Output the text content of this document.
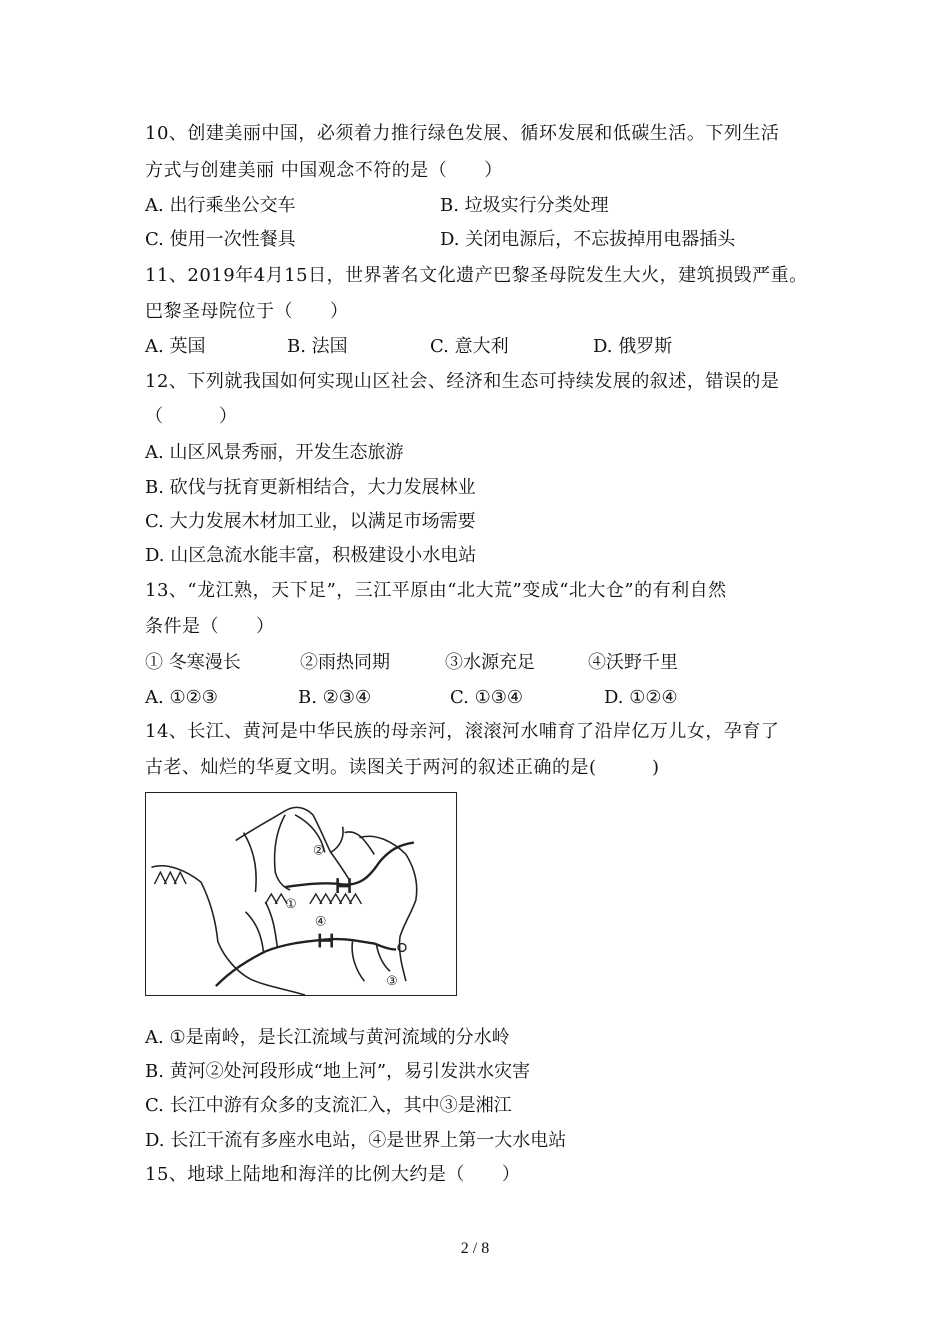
10、创建美丽中国，必须着力推行绿色发展、循环发展和低碳生活。下列生活
方式与创建美丽 中国观念不符的是（　　）
A. 出行乘坐公交车	B. 垃圾实行分类处理
C. 使用一次性餐具	D. 关闭电源后，不忘拔掉用电器插头
11、2019年4月15日，世界著名文化遗产巴黎圣母院发生大火，建筑损毁严重。
巴黎圣母院位于（　　）
A. 英国	B. 法国	C. 意大利	D. 俄罗斯
12、下列就我国如何实现山区社会、经济和生态可持续发展的叙述，错误的是
（　　　）
A. 山区风景秀丽，开发生态旅游
B. 砍伐与抚育更新相结合，大力发展林业
C. 大力发展木材加工业，以满足市场需要
D. 山区急流水能丰富，积极建设小水电站
13、“龙江熟，天下足”，三江平原由“北大荒”变成“北大仓”的有利自然
条件是（　　）
① 冬寒漫长	②雨热同期	③水源充足	④沃野千里
A. ①②③	B. ②③④	C. ①③④	D. ①②④
14、长江、黄河是中华民族的母亲河，滚滚河水哺育了沿岸亿万儿女，孕育了
古老、灿烂的华夏文明。读图关于两河的叙述正确的是(　　　)
②
①
④
③
A. ①是南岭，是长江流域与黄河流域的分水岭
B. 黄河②处河段形成“地上河”，易引发洪水灾害
C. 长江中游有众多的支流汇入，其中③是湘江
D. 长江干流有多座水电站，④是世界上第一大水电站
15、地球上陆地和海洋的比例大约是（　　）
2 / 8
